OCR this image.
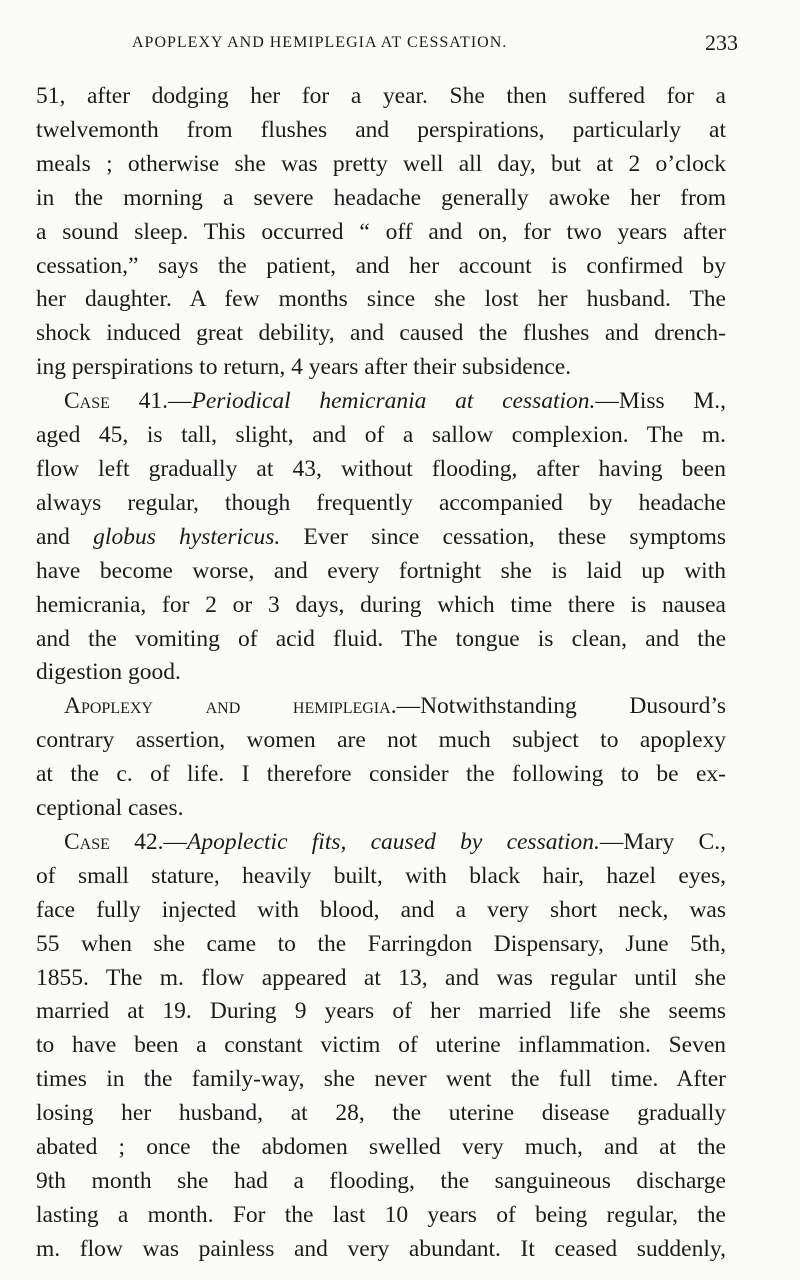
APOPLEXY AND HEMIPLEGIA AT CESSATION.	233
51, after dodging her for a year. She then suffered for a
twelvemonth from flushes and perspirations, particularly at
meals ; otherwise she was pretty well all day, but at 2 o’clock
in the morning a severe headache generally awoke her from
a sound sleep. This occurred “ off and on, for two years after
cessation,” says the patient, and her account is confirmed by
her daughter. A few months since she lost her husband. The
shock induced great debility, and caused the flushes and drench-
ing perspirations to return, 4 years after their subsidence.
Case 41.—Periodical hemicrania at cessation.—Miss M.,
aged 45, is tall, slight, and of a sallow complexion. The m.
flow left gradually at 43, without flooding, after having been
always regular, though frequently accompanied by headache
and globus hystericus. Ever since cessation, these symptoms
have become worse, and every fortnight she is laid up with
hemicrania, for 2 or 3 days, during which time there is nausea
and the vomiting of acid fluid. The tongue is clean, and the
digestion good.
Apoplexy and hemiplegia.—Notwithstanding Dusourd’s
contrary assertion, women are not much subject to apoplexy
at the c. of life. I therefore consider the following to be ex-
ceptional cases.
Case 42.—Apoplectic fits, caused by cessation.—Mary C.,
of small stature, heavily built, with black hair, hazel eyes,
face fully injected with blood, and a very short neck, was
55 when she came to the Farringdon Dispensary, June 5th,
1855. The m. flow appeared at 13, and was regular until she
married at 19. During 9 years of her married life she seems
to have been a constant victim of uterine inflammation. Seven
times in the family-way, she never went the full time. After
losing her husband, at 28, the uterine disease gradually
abated ; once the abdomen swelled very much, and at the
9th month she had a flooding, the sanguineous discharge
lasting a month. For the last 10 years of being regular, the
m. flow was painless and very abundant. It ceased suddenly,
